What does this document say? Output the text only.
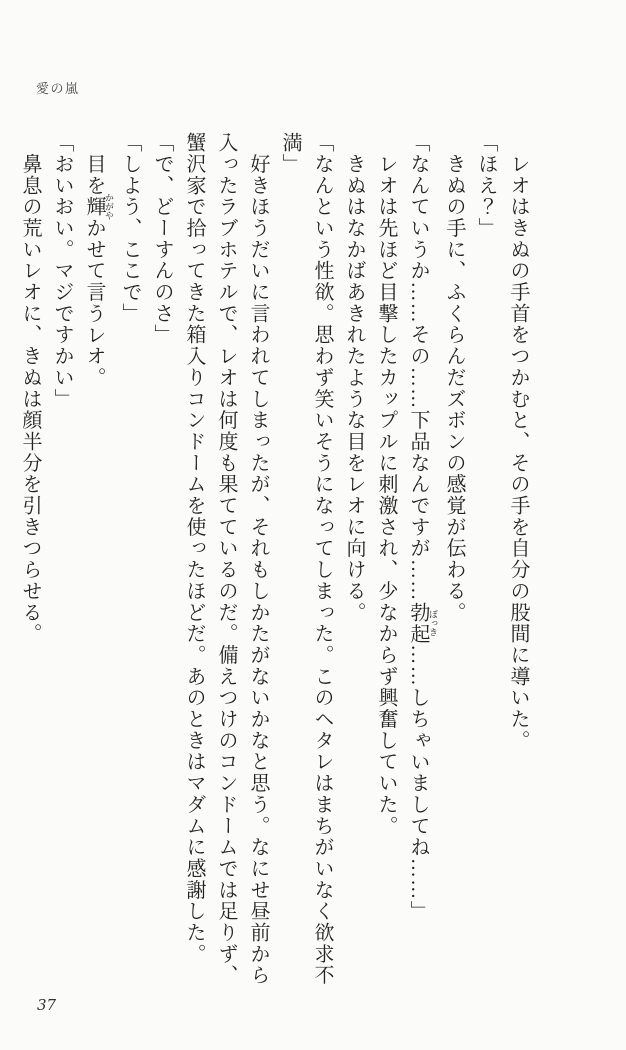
愛の嵐

　レオはきぬの手首をつかむと、その手を自分の股間に導いた。

「ほえ？」

　きぬの手に、ふくらんだズボンの感覚が伝わる。

「なんていうか……その……下品なんですが……勃起 ぼっき……しちゃいましてね……」

　レオは先ほど目撃したカップルに刺激され、少なからず興奮していた。

　きぬはなかばあきれたような目をレオに向ける。

「なんという性欲。思わず笑いそうになってしまった。このヘタレはまちがいなく欲求不満」

　好きほうだいに言われてしまったが、それもしかたがないかなと思う。なにせ昼前から入ったラブホテルで、レオは何度も果てているのだ。備えつけのコンドームでは足りず、蟹沢家で拾ってきた箱入りコンドームを使ったほどだ。あのときはマダムに感謝した。

「で、どーすんのさ」

「しよう、ここで」

　目を輝 かがやかせて言うレオ。

「おいおい。マジですかい」

　鼻息の荒いレオに、きぬは顔半分を引きつらせる。

37
